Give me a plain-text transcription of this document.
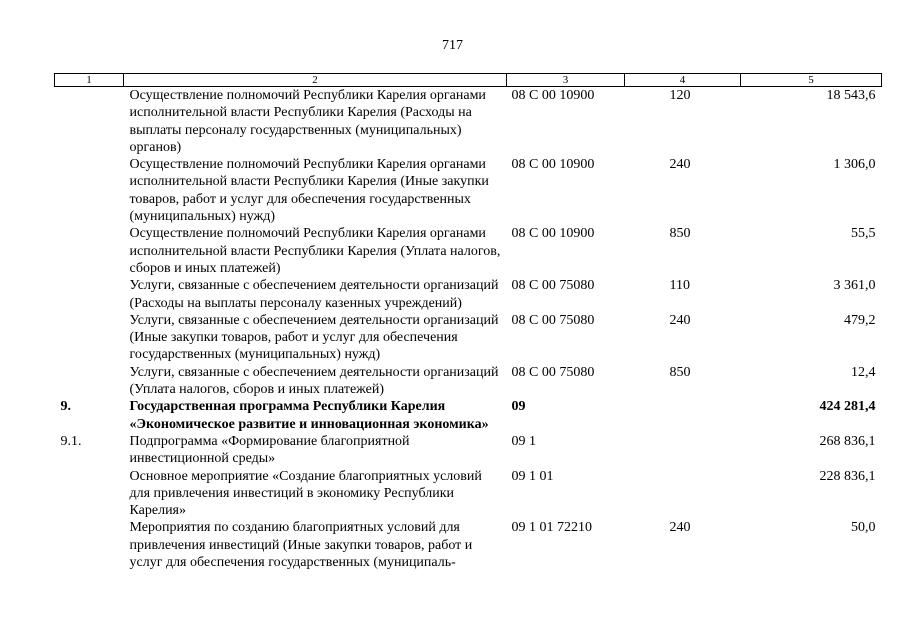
717
1	2	3	4	5
	Осуществление полномочий Республики Карелия органами исполнительной власти Республики Карелия (Расходы на выплаты персоналу государственных (муниципальных) органов)	08 С 00 10900	120	18 543,6
	Осуществление полномочий Республики Карелия органами исполнительной власти Республики Карелия (Иные закупки товаров, работ и услуг для обеспечения государственных (муниципальных) нужд)	08 С 00 10900	240	1 306,0
	Осуществление полномочий Республики Карелия органами исполнительной власти Республики Карелия (Уплата налогов, сборов и иных платежей)	08 С 00 10900	850	55,5
	Услуги, связанные с обеспечением деятельности организаций (Расходы на выплаты персоналу казенных учреждений)	08 С 00 75080	110	3 361,0
	Услуги, связанные с обеспечением деятельности организаций (Иные закупки товаров, работ и услуг для обеспечения государственных (муниципальных) нужд)	08 С 00 75080	240	479,2
	Услуги, связанные с обеспечением деятельности организаций (Уплата налогов, сборов и иных платежей)	08 С 00 75080	850	12,4
9.	Государственная программа Республики Карелия «Экономическое развитие и инновационная экономика»	09		424 281,4
9.1.	Подпрограмма «Формирование благоприятной инвестиционной среды»	09 1		268 836,1
	Основное мероприятие «Создание благоприятных условий для привлечения инвестиций в экономику Республики Карелия»	09 1 01		228 836,1
	Мероприятия по созданию благоприятных условий для привлечения инвестиций (Иные закупки товаров, работ и услуг для обеспечения государственных (муниципаль-	09 1 01 72210	240	50,0
